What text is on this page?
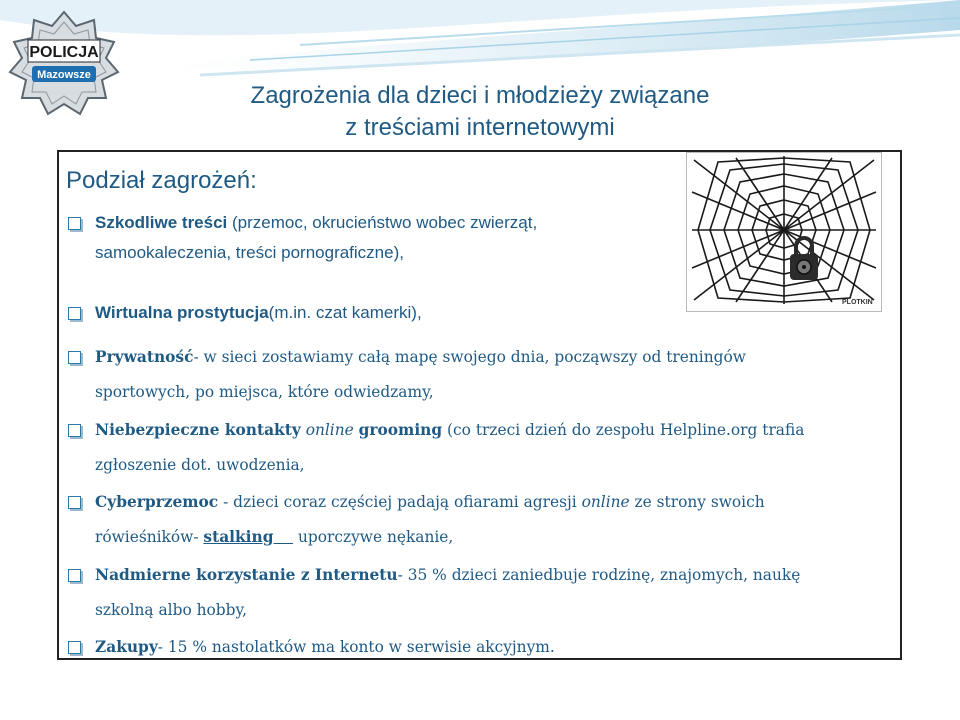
POLICJA
Mazowsze
Zagrożenia dla dzieci i młodzieży związane
z treściami internetowymi
Podział zagrożeń:
PLOTKIN

Szkodliwe treści (przemoc, okrucieństwo wobec zwierząt,

samookaleczenia, treści pornograficzne),

Wirtualna prostytucja(m.in. czat kamerki),

Prywatność- w sieci zostawiamy całą mapę swojego dnia, począwszy od treningów

sportowych, po miejsca, które odwiedzamy,

Niebezpieczne kontakty online grooming (co trzeci dzień do zespołu Helpline.org trafia

zgłoszenie dot. uwodzenia,

Cyberprzemoc - dzieci coraz częściej padają ofiarami agresji online ze strony swoich

rówieśników- stalking     uporczywe nękanie,

Nadmierne korzystanie z Internetu- 35 % dzieci zaniedbuje rodzinę, znajomych, naukę

szkolną albo hobby,

Zakupy- 15 % nastolatków ma konto w serwisie akcyjnym.
